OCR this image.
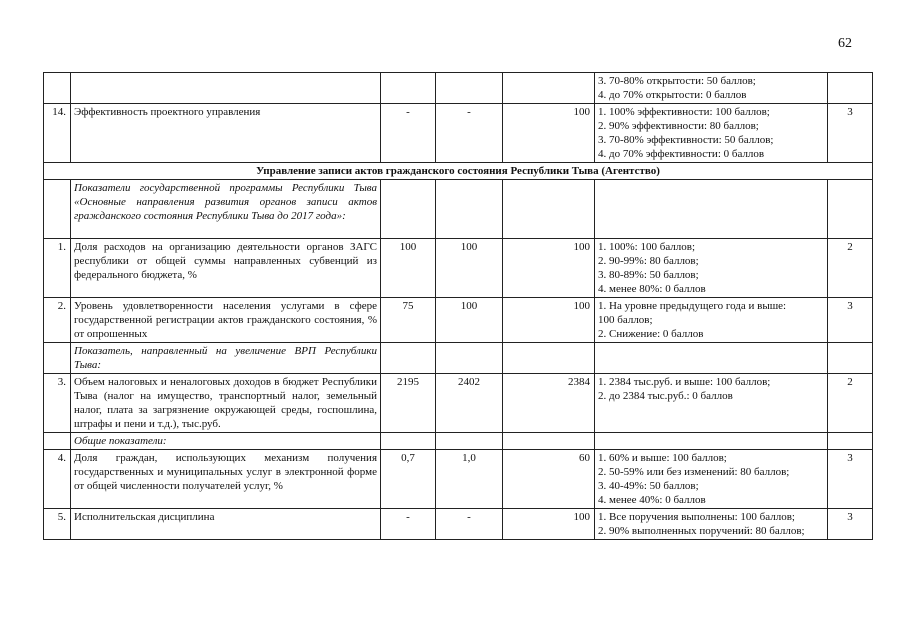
62

					3. 70-80% открытости: 50 баллов;
4. до 70% открытости: 0 баллов	

14.	Эффективность проектного управления	-	-	100	1. 100% эффективности: 100 баллов;
2. 90% эффективности: 80 баллов;
3. 70-80% эффективности: 50 баллов;
4. до 70% эффективности: 0 баллов	3
Управление записи актов гражданского состояния Республики Тыва (Агентство)						
	Показатели государственной программы Республики Тыва «Основные направления развития органов записи актов гражданского состояния Республики Тыва до 2017 года»:					
1.	Доля расходов на организацию деятельности органов ЗАГС республики от общей суммы направленных субвенций из федерального бюджета, %	100	100	100	1. 100%: 100 баллов;
2. 90-99%: 80 баллов;
3. 80-89%: 50 баллов;
4. менее 80%: 0 баллов	2
2.	Уровень удовлетворенности населения услугами в сфере государственной регистрации актов гражданского состояния, % от опрошенных	75	100	100	1. На уровне предыдущего года и выше:
100 баллов;
2. Снижение: 0 баллов	3
	Показатель, направленный на увеличение ВРП Республики Тыва:					
3.	Объем налоговых и неналоговых доходов в бюджет Республики Тыва (налог на имущество, транспортный налог, земельный налог, плата за загрязнение окружающей среды, госпошлина, штрафы и пени и т.д.), тыс.руб.	2195	2402	2384	1. 2384 тыс.руб. и выше: 100 баллов;
2. до 2384 тыс.руб.: 0 баллов	2
	Общие показатели:					
4.	Доля граждан, использующих механизм получения государственных и муниципальных услуг в электронной форме от общей численности получателей услуг, %	0,7	1,0	60	1. 60% и выше: 100 баллов;
2. 50-59% или без изменений: 80 баллов;
3. 40-49%: 50 баллов;
4. менее 40%: 0 баллов	3
5.	Исполнительская дисциплина	-	-	100	1. Все поручения выполнены: 100 баллов;
2. 90% выполненных поручений: 80 баллов;	3
